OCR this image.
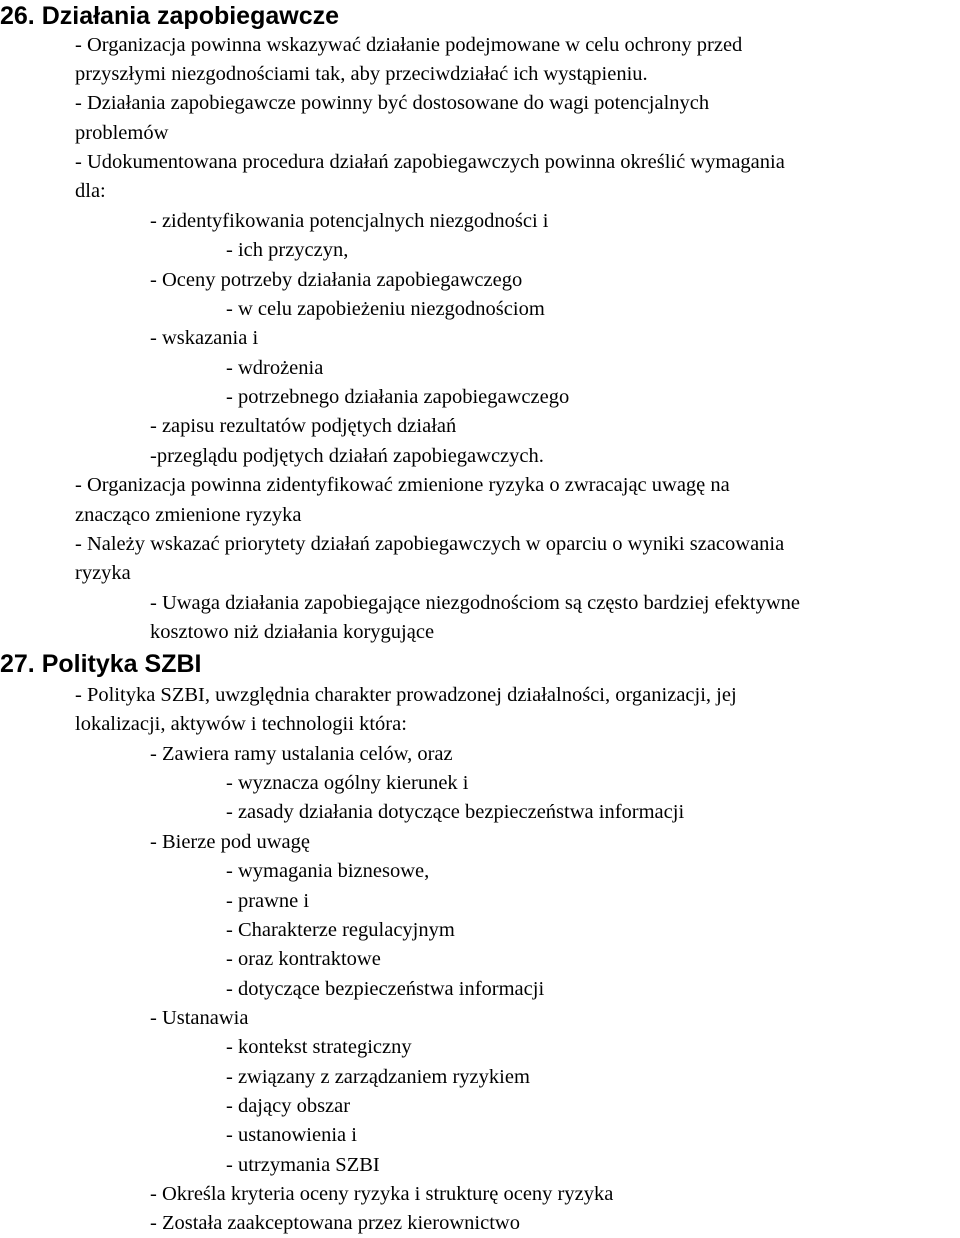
26. Działania zapobiegawcze

- Organizacja powinna wskazywać działanie podejmowane w celu ochrony przed

przyszłymi niezgodnościami tak, aby przeciwdziałać ich wystąpieniu.

- Działania zapobiegawcze powinny być dostosowane do wagi potencjalnych

problemów

- Udokumentowana procedura działań zapobiegawczych powinna określić wymagania

dla:

- zidentyfikowania potencjalnych niezgodności i

- ich przyczyn,

- Oceny potrzeby działania zapobiegawczego

- w celu zapobieżeniu niezgodnościom

- wskazania i

- wdrożenia

- potrzebnego działania zapobiegawczego

- zapisu rezultatów podjętych działań

-przeglądu podjętych działań zapobiegawczych.

- Organizacja powinna zidentyfikować zmienione ryzyka o zwracając uwagę na

znacząco zmienione ryzyka

- Należy wskazać priorytety działań zapobiegawczych w oparciu o wyniki szacowania

ryzyka

- Uwaga działania zapobiegające niezgodnościom są często bardziej efektywne

kosztowo niż działania korygujące

27. Polityka SZBI

- Polityka SZBI, uwzględnia charakter prowadzonej działalności, organizacji, jej

lokalizacji, aktywów i technologii która:

- Zawiera ramy ustalania celów, oraz

- wyznacza ogólny kierunek i

- zasady działania dotyczące bezpieczeństwa informacji

- Bierze pod uwagę

- wymagania biznesowe,

- prawne i

- Charakterze regulacyjnym

- oraz kontraktowe

- dotyczące bezpieczeństwa informacji

- Ustanawia

- kontekst strategiczny

- związany z zarządzaniem ryzykiem

- dający obszar

- ustanowienia i

- utrzymania SZBI

- Określa kryteria oceny ryzyka i strukturę oceny ryzyka

- Została zaakceptowana przez kierownictwo
